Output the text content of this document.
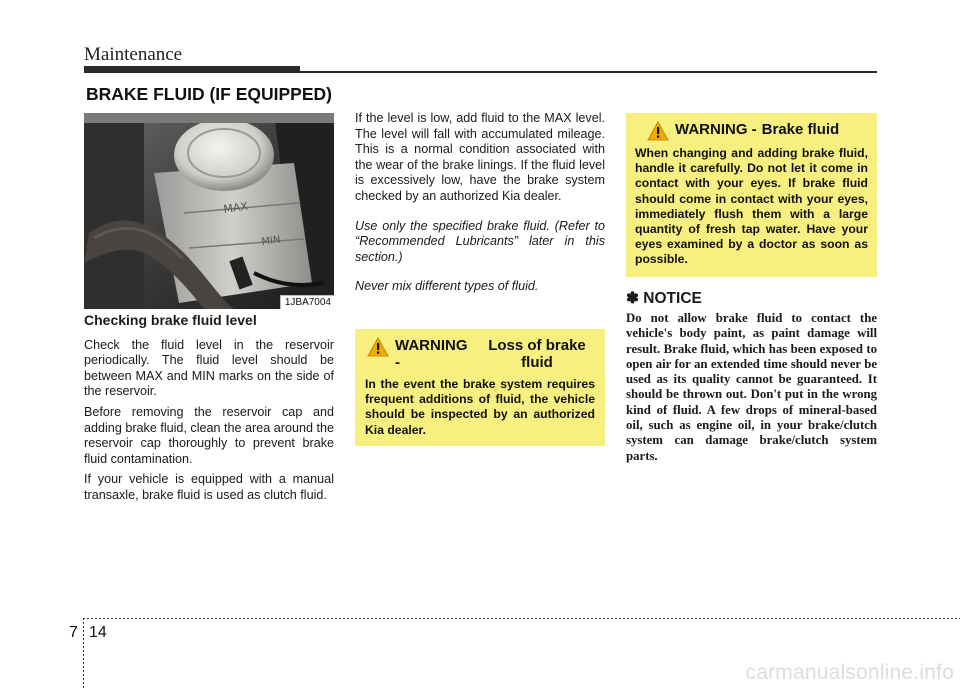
Maintenance
BRAKE FLUID (IF EQUIPPED)
MAX
MIN
1JBA7004
Checking brake fluid level

Check the fluid level in the reservoir periodically. The fluid level should be between MAX and MIN marks on the side of the reservoir.

Before removing the reservoir cap and adding brake fluid, clean the area around the reservoir cap thoroughly to prevent brake fluid contamination.

If your vehicle is equipped with a manual transaxle, brake fluid is used as clutch fluid.

If the level is low, add fluid to the MAX level. The level will fall with accumulated mileage. This is a normal condition associated with the wear of the brake linings. If the fluid level is excessively low, have the brake system checked by an authorized Kia dealer.

Use only the specified brake fluid. (Refer to “Recommended Lubricants” later in this section.)

Never mix different types of fluid.

WARNING -
Loss of brake fluid
In the event the brake system requires frequent additions of fluid, the vehicle should be inspected by an authorized Kia dealer.
WARNING - Brake fluid
When changing and adding brake fluid, handle it carefully. Do not let it come in contact with your eyes. If brake fluid should come in contact with your eyes, immediately flush them with a large quantity of fresh tap water. Have your eyes examined by a doctor as soon as possible.
✽ NOTICE
Do not allow brake fluid to contact the vehicle's body paint, as paint damage will result. Brake fluid, which has been exposed to open air for an extended time should never be used as its quality cannot be guaranteed. It should be thrown out. Don't put in the wrong kind of fluid. A few drops of mineral-based oil, such as engine oil, in your brake/clutch system can damage brake/clutch system parts.
7 14
carmanualsonline.info
